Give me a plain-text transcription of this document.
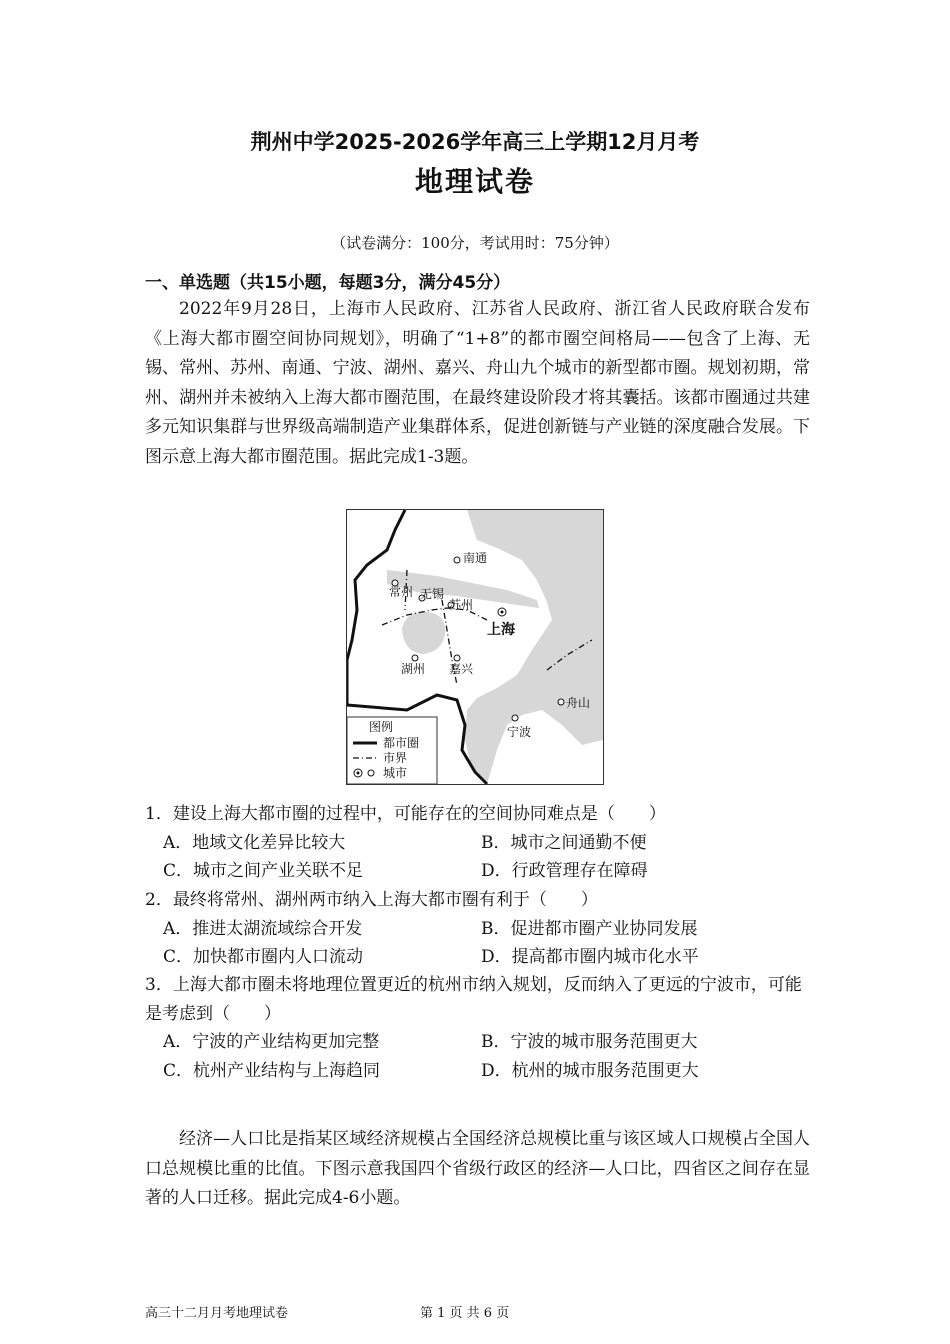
荆州中学2025-2026学年高三上学期12月月考
地理试卷
（试卷满分：100分，考试用时：75分钟）
一、单选题（共15小题，每题3分，满分45分）

2022年9月28日，上海市人民政府、江苏省人民政府、浙江省人民政府联合发布《上海大都市圈空间协同规划》，明确了“1+8”的都市圈空间格局——包含了上海、无锡、常州、苏州、南通、宁波、湖州、嘉兴、舟山九个城市的新型都市圈。规划初期，常州、湖州并未被纳入上海大都市圈范围，在最终建设阶段才将其囊括。该都市圈通过共建多元知识集群与世界级高端制造产业集群体系，促进创新链与产业链的深度融合发展。下图示意上海大都市圈范围。据此完成1-3题。

南通
常州 无锡
苏州
上海
湖州 嘉兴
舟山
宁波
图例
都市圈
市界
城市

1．建设上海大都市圈的过程中，可能存在的空间协同难点是（　　）

A．地域文化差异比较大	B．城市之间通勤不便
C．城市之间产业关联不足	D．行政管理存在障碍

2．最终将常州、湖州两市纳入上海大都市圈有利于（　　）

A．推进太湖流域综合开发	B．促进都市圈产业协同发展
C．加快都市圈内人口流动	D．提高都市圈内城市化水平

3．上海大都市圈未将地理位置更近的杭州市纳入规划，反而纳入了更远的宁波市，可能是考虑到（　　）

A．宁波的产业结构更加完整	B．宁波的城市服务范围更大
C．杭州产业结构与上海趋同	D．杭州的城市服务范围更大

经济—人口比是指某区域经济规模占全国经济总规模比重与该区域人口规模占全国人口总规模比重的比值。下图示意我国四个省级行政区的经济—人口比，四省区之间存在显著的人口迁移。据此完成4-6小题。

高三十二月月考地理试卷	第 1 页 共 6 页
